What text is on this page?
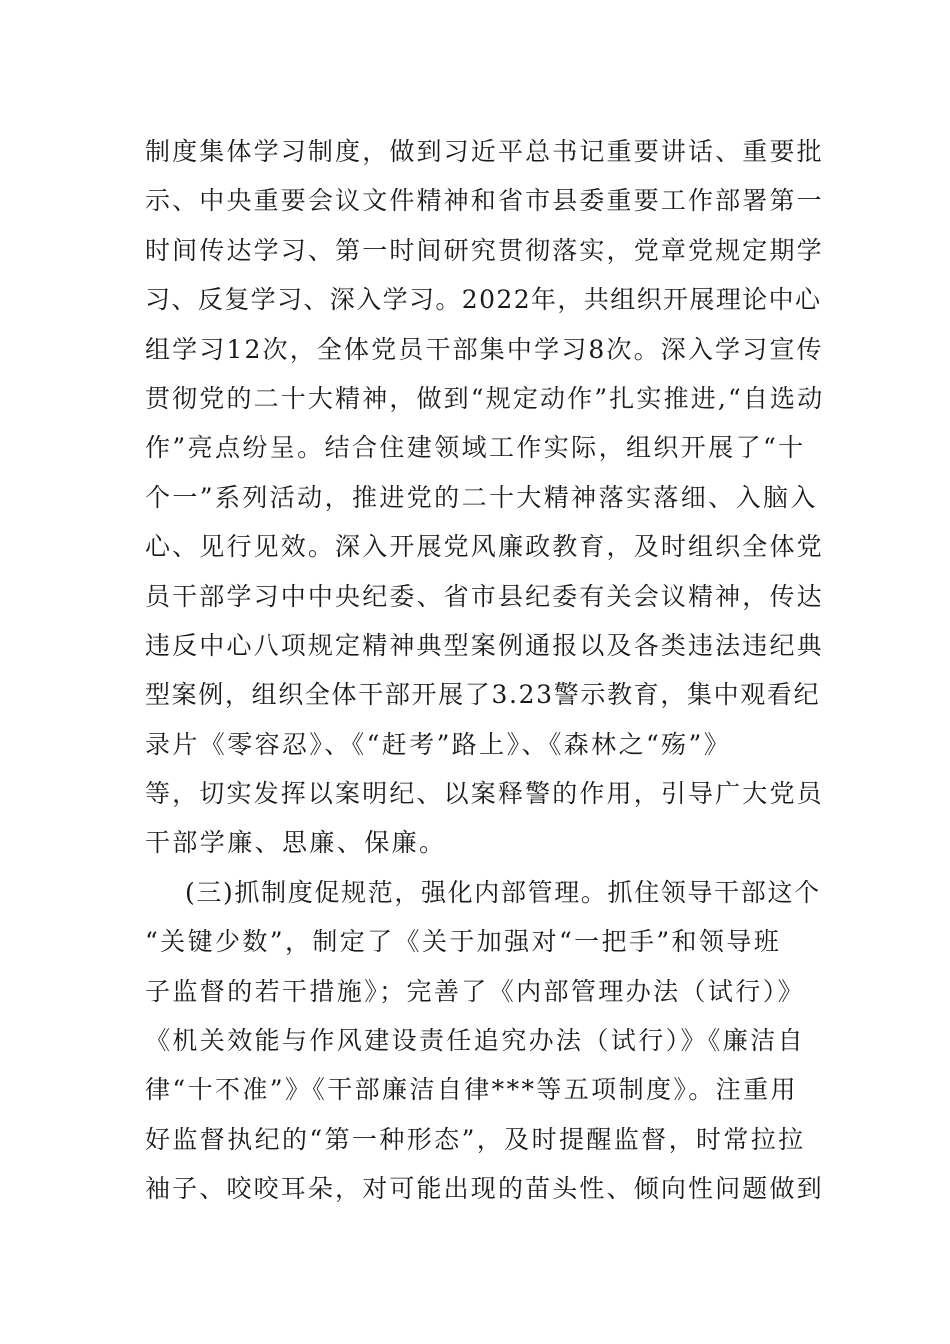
制度集体学习制度，做到习近平总书记重要讲话、重要批
示、中央重要会议文件精神和省市县委重要工作部署第一
时间传达学习、第一时间研究贯彻落实，党章党规定期学
习、反复学习、深入学习。2022年，共组织开展理论中心
组学习12次，全体党员干部集中学习8次。深入学习宣传
贯彻党的二十大精神，做到“规定动作”扎实推进,“自选动
作”亮点纷呈。结合住建领域工作实际，组织开展了“十
个一”系列活动，推进党的二十大精神落实落细、入脑入
心、见行见效。深入开展党风廉政教育，及时组织全体党
员干部学习中中央纪委、省市县纪委有关会议精神，传达
违反中心八项规定精神典型案例通报以及各类违法违纪典
型案例，组织全体干部开展了3.23警示教育，集中观看纪
录片《零容忍》、《“赶考”路上》、《森林之“殇”》
等，切实发挥以案明纪、以案释警的作用，引导广大党员
干部学廉、思廉、保廉。
(三)抓制度促规范，强化内部管理。抓住领导干部这个
“关键少数”，制定了《关于加强对“一把手”和领导班
子监督的若干措施》；完善了《内部管理办法（试行）》
《机关效能与作风建设责任追究办法（试行）》《廉洁自
律“十不准”》《干部廉洁自律***等五项制度》。注重用
好监督执纪的“第一种形态”，及时提醒监督，时常拉拉
袖子、咬咬耳朵，对可能出现的苗头性、倾向性问题做到
